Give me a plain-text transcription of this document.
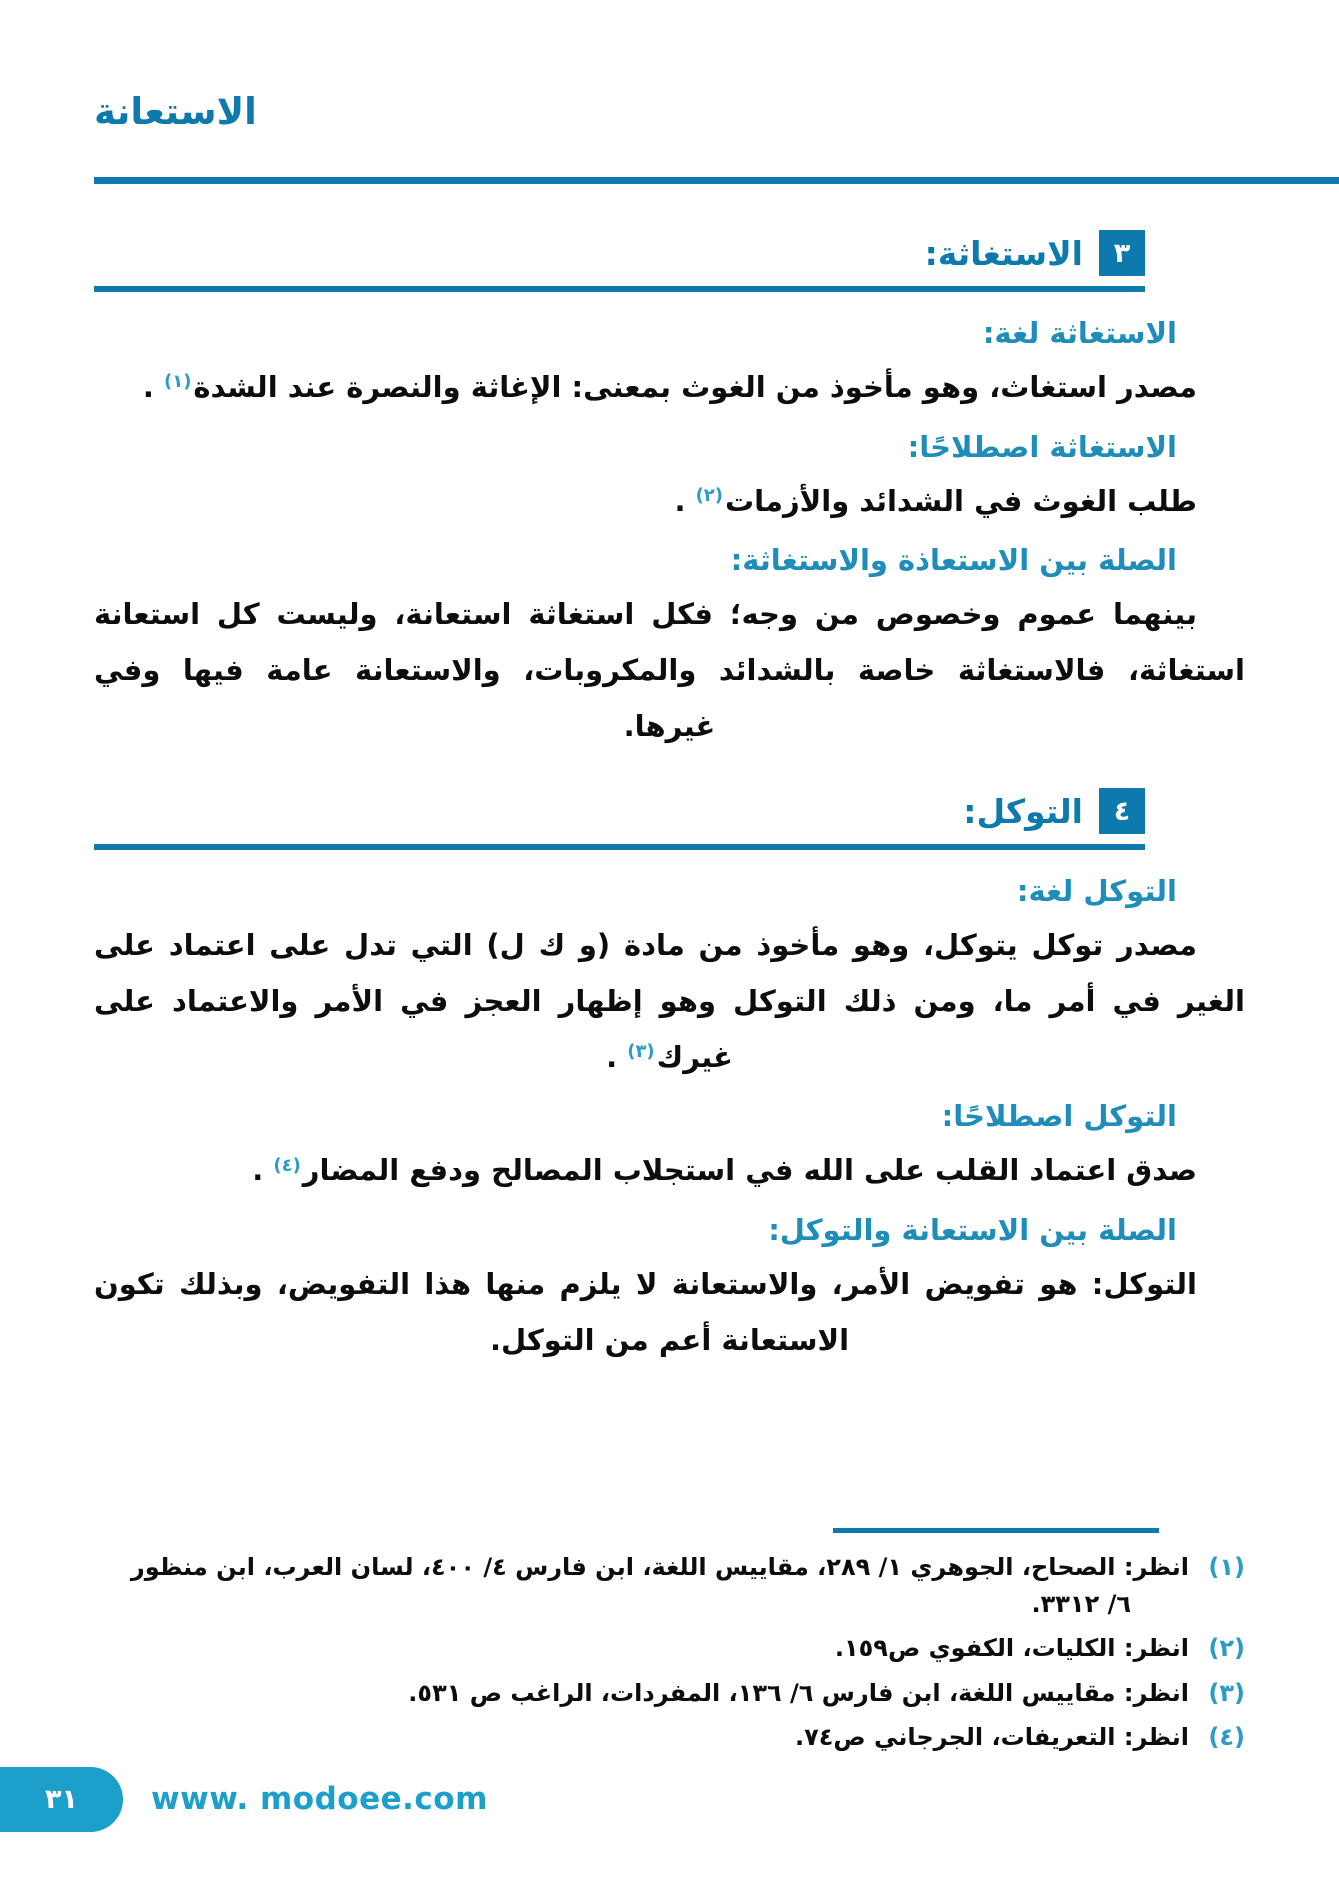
الاستعانة
٣
الاستغاثة:
الاستغاثة لغة:
مصدر استغاث، وهو مأخوذ من الغوث بمعنى: الإغاثة والنصرة عند الشدة$^{(١)}$ .
الاستغاثة اصطلاحًا:
طلب الغوث في الشدائد والأزمات$^{(٢)}$ .
الصلة بين الاستعاذة والاستغاثة:
بينهما عموم وخصوص من وجه؛ فكل استغاثة استعانة، وليست كل استعانة استغاثة، فالاستغاثة خاصة بالشدائد والمكروبات، والاستعانة عامة فيها وفي غيرها.
٤
التوكل:
التوكل لغة:
مصدر توكل يتوكل، وهو مأخوذ من مادة (و ك ل) التي تدل على اعتماد على الغير في أمر ما، ومن ذلك التوكل وهو إظهار العجز في الأمر والاعتماد على غيرك$^{(٣)}$ .
التوكل اصطلاحًا:
صدق اعتماد القلب على الله في استجلاب المصالح ودفع المضار$^{(٤)}$ .
الصلة بين الاستعانة والتوكل:
التوكل: هو تفويض الأمر، والاستعانة لا يلزم منها هذا التفويض، وبذلك تكون الاستعانة أعم من التوكل.
(١)
انظر: الصحاح، الجوهري ١/ ٢٨٩، مقاييس اللغة، ابن فارس ٤/ ٤٠٠، لسان العرب، ابن منظور
٦/ ٣٣١٢.
(٢)
انظر: الكليات، الكفوي ص١٥٩.
(٣)
انظر: مقاييس اللغة، ابن فارس ٦/ ١٣٦، المفردات، الراغب ص ٥٣١.
(٤)
انظر: التعريفات، الجرجاني ص٧٤.
٣١ www. modoee.com
